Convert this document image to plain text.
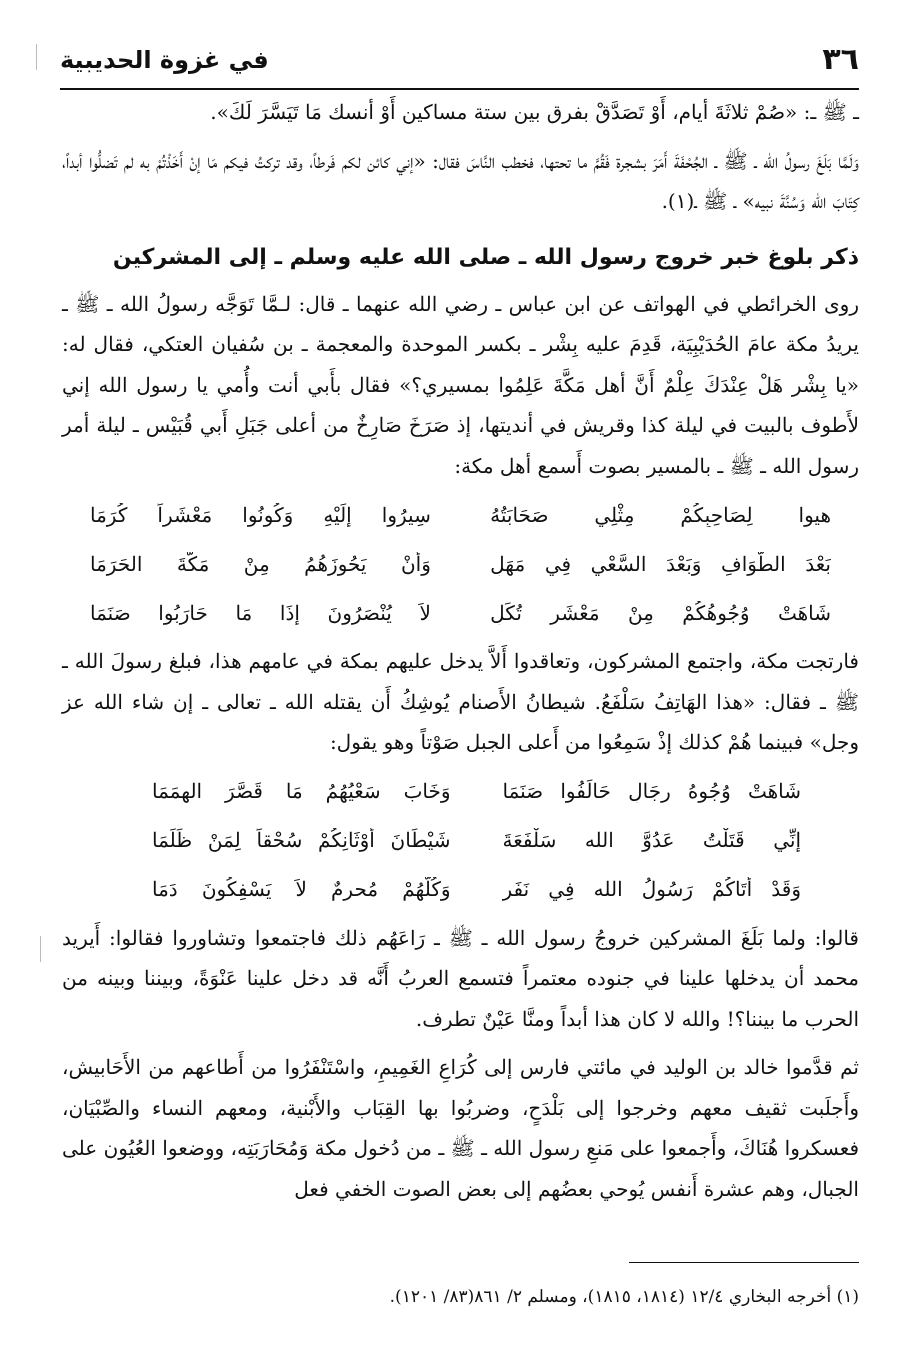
٣٦
في غزوة الحديبية

ـ ﷺ ـ: «صُمْ ثلاثَةَ أيام، أَوْ تَصَدَّقْ بفرق بين ستة مساكين أَوْ أنسك مَا تَيَسَّرَ لَكَ».

وَلَمَّا بَلَغَ رسولُ الله ـ ﷺ ـ الجُحْفَةَ أَمَرَ بشجرة فَقُمَّ ما تحتها، فخطب النَّاسَ فقال: «إني كائن لكم فَرطاً، وقد تركتُ فيكم مَا إنْ أَخَذْتُمْ به لم تَضلُّوا أبداً، كِتَابَ الله وَسُنَّةَ نبيه» ـ ﷺ ـ(١).

ذكر بلوغ خبر خروج رسول الله ـ صلى الله عليه وسلم ـ إلى المشركين

روى الخرائطي في الهواتف عن ابن عباس ـ رضي الله عنهما ـ قال: لـمَّا تَوَجَّه رسولُ الله ـ ﷺ ـ يريدُ مكة عامَ الحُدَيْبِيَة، قَدِمَ عليه بِشْر ـ بكسر الموحدة والمعجمة ـ بن سُفيان العتكي، فقال له: «يا بِشْر هَلْ عِنْدَكَ عِلْمٌ أَنَّ أهل مَكَّةَ عَلِمُوا بمسيري؟» فقال بأَبي أنت وأُمي يا رسول الله إني لأَطوف بالبيت في ليلة كذا وقريش في أنديتها، إذ صَرَخَ صَارِخٌ من أعلى جَبَلِ أَبي قُبَيْس ـ ليلة أمر رسول الله ـ ﷺ ـ بالمسير بصوت أَسمع أهل مكة:

هيوا لِصَاحِبِكُمْ مِثْلِي صَحَابَتُهُ
سِيرُوا إِلَيْهِ وَكُونُوا مَعْشَراً كُرَمَا
بَعْدَ الطَّوَافِ وَبَعْدَ السَّعْيِ فِي مَهَلٍ
وَأَنْ يَحُوزَهُمُ مِنْ مَكَّةَ الحَرَمَا
شَاهَتْ وُجُوهُكُمْ مِنْ مَعْشَرٍ تُكَلٍ
لاَ يُنْصَرُونَ إِذَا مَا حَارَبُوا صَنَمَا

فارتجت مكة، واجتمع المشركون، وتعاقدوا أَلاَّ يدخل عليهم بمكة في عامهم هذا، فبلغ رسولَ الله ـ ﷺ ـ فقال: «هذا الهَاتِفُ سَلْفَعُ. شيطانُ الأَصنام يُوشِكُ أَن يقتله الله ـ تعالى ـ إن شاء الله عز وجل» فبينما هُمْ كذلك إذْ سَمِعُوا من أَعلى الجبل صَوْتاً وهو يقول:

شَاهَتْ وُجُوهُ رِجَالٍ حَالَفُوا صَنَمَا
وَخَابَ سَعْيُهُمُ مَا قَصَّرَ الهِمَمَا
إِنِّي قَتَلْتُ عَدُوَّ الله سَلْفَعَةَ
شَيْطَانَ أَوْثَانِكُمْ سُحْقاً لِمَنْ ظَلَمَا
وَقَدْ أَتَاكُمْ رَسُولُ الله فِي نَفَرٍ
وَكُلُّهُمْ مُحرِمٌ لاَ يَسْفِكُونَ دَمَا

قالوا: ولما بَلَغَ المشركين خروجُ رسول الله ـ ﷺ ـ رَاعَهُم ذلك فاجتمعوا وتشاوروا فقالوا: أَيريد محمد أن يدخلها علينا في جنوده معتمراً فتسمع العربُ أَنَّه قد دخل علينا عَنْوَةً، وبيننا وبينه من الحرب ما بيننا؟! والله لا كان هذا أبداً ومنَّا عَيْنٌ تطرف.

ثم قدَّموا خالد بن الوليد في مائتي فارس إلى كُرَاعِ الغَمِيمِ، واسْتَنْفَرُوا من أَطاعهم من الأَحَابيش، وأَجلَبت ثقيف معهم وخرجوا إلى بَلْدَحٍ، وضربُوا بها القِبَاب والأَبْنية، ومعهم النساء والصِّبْيَان، فعسكروا هُنَاكَ، وأَجمعوا على مَنعِ رسول الله ـ ﷺ ـ من دُخول مكة وَمُحَارَبَتِه، ووضعوا العُيُون على الجبال، وهم عشرة أَنفس يُوحي بعضُهم إلى بعض الصوت الخفي فعل

(١) أخرجه البخاري ١٢/٤ (١٨١٤، ١٨١٥)، ومسلم ٢/ ٨٦١(٨٣/ ١٢٠١).
